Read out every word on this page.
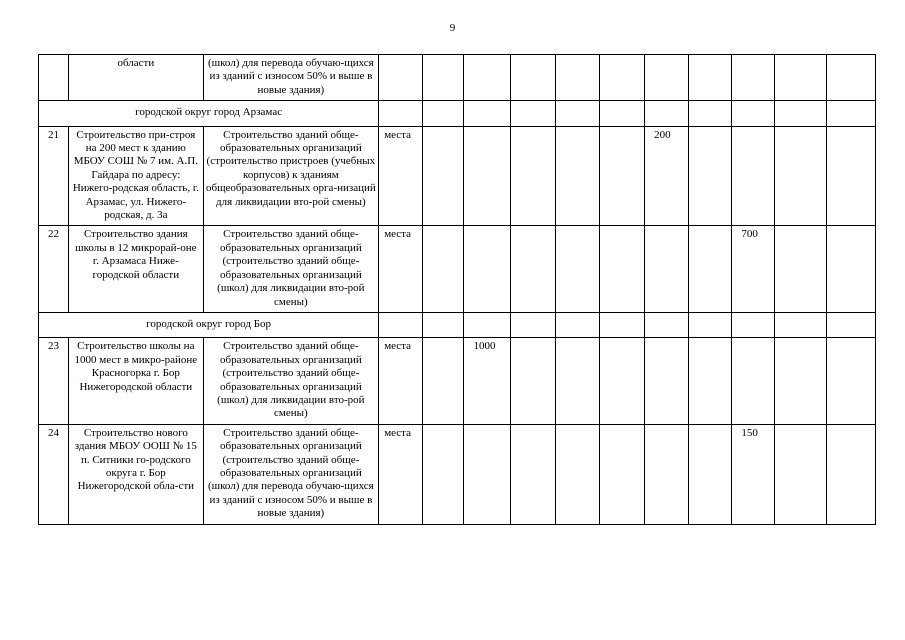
9
	области	(школ) для перевода обучаю-щихся из зданий с износом 50% и выше в новые здания)											
городской округ город Арзамас													
21	Строительство при-строя на 200 мест к зданию МБОУ СОШ № 7 им. А.П. Гайдара по адресу: Нижего-родская область, г. Арзамас, ул. Нижего-родская, д. 3а	Строительство зданий обще-образовательных организаций (строительство пристроев (учебных корпусов) к зданиям общеобразовательных орга-низаций для ликвидации вто-рой смены)	места						200				
22	Строительство здания школы в 12 микрорай-оне г. Арзамаса Ниже-городской области	Строительство зданий обще-образовательных организаций (строительство зданий обще-образовательных организаций (школ) для ликвидации вто-рой смены)	места								700		
городской округ город Бор													
23	Строительство школы на 1000 мест в микро-районе Красногорка г. Бор Нижегородской области	Строительство зданий обще-образовательных организаций (строительство зданий обще-образовательных организаций (школ) для ликвидации вто-рой смены)	места		1000								
24	Строительство нового здания МБОУ ООШ № 15 п. Ситники го-родского округа г. Бор Нижегородской обла-сти	Строительство зданий обще-образовательных организаций (строительство зданий обще-образовательных организаций (школ) для перевода обучаю-щихся из зданий с износом 50% и выше в новые здания)	места								150		
